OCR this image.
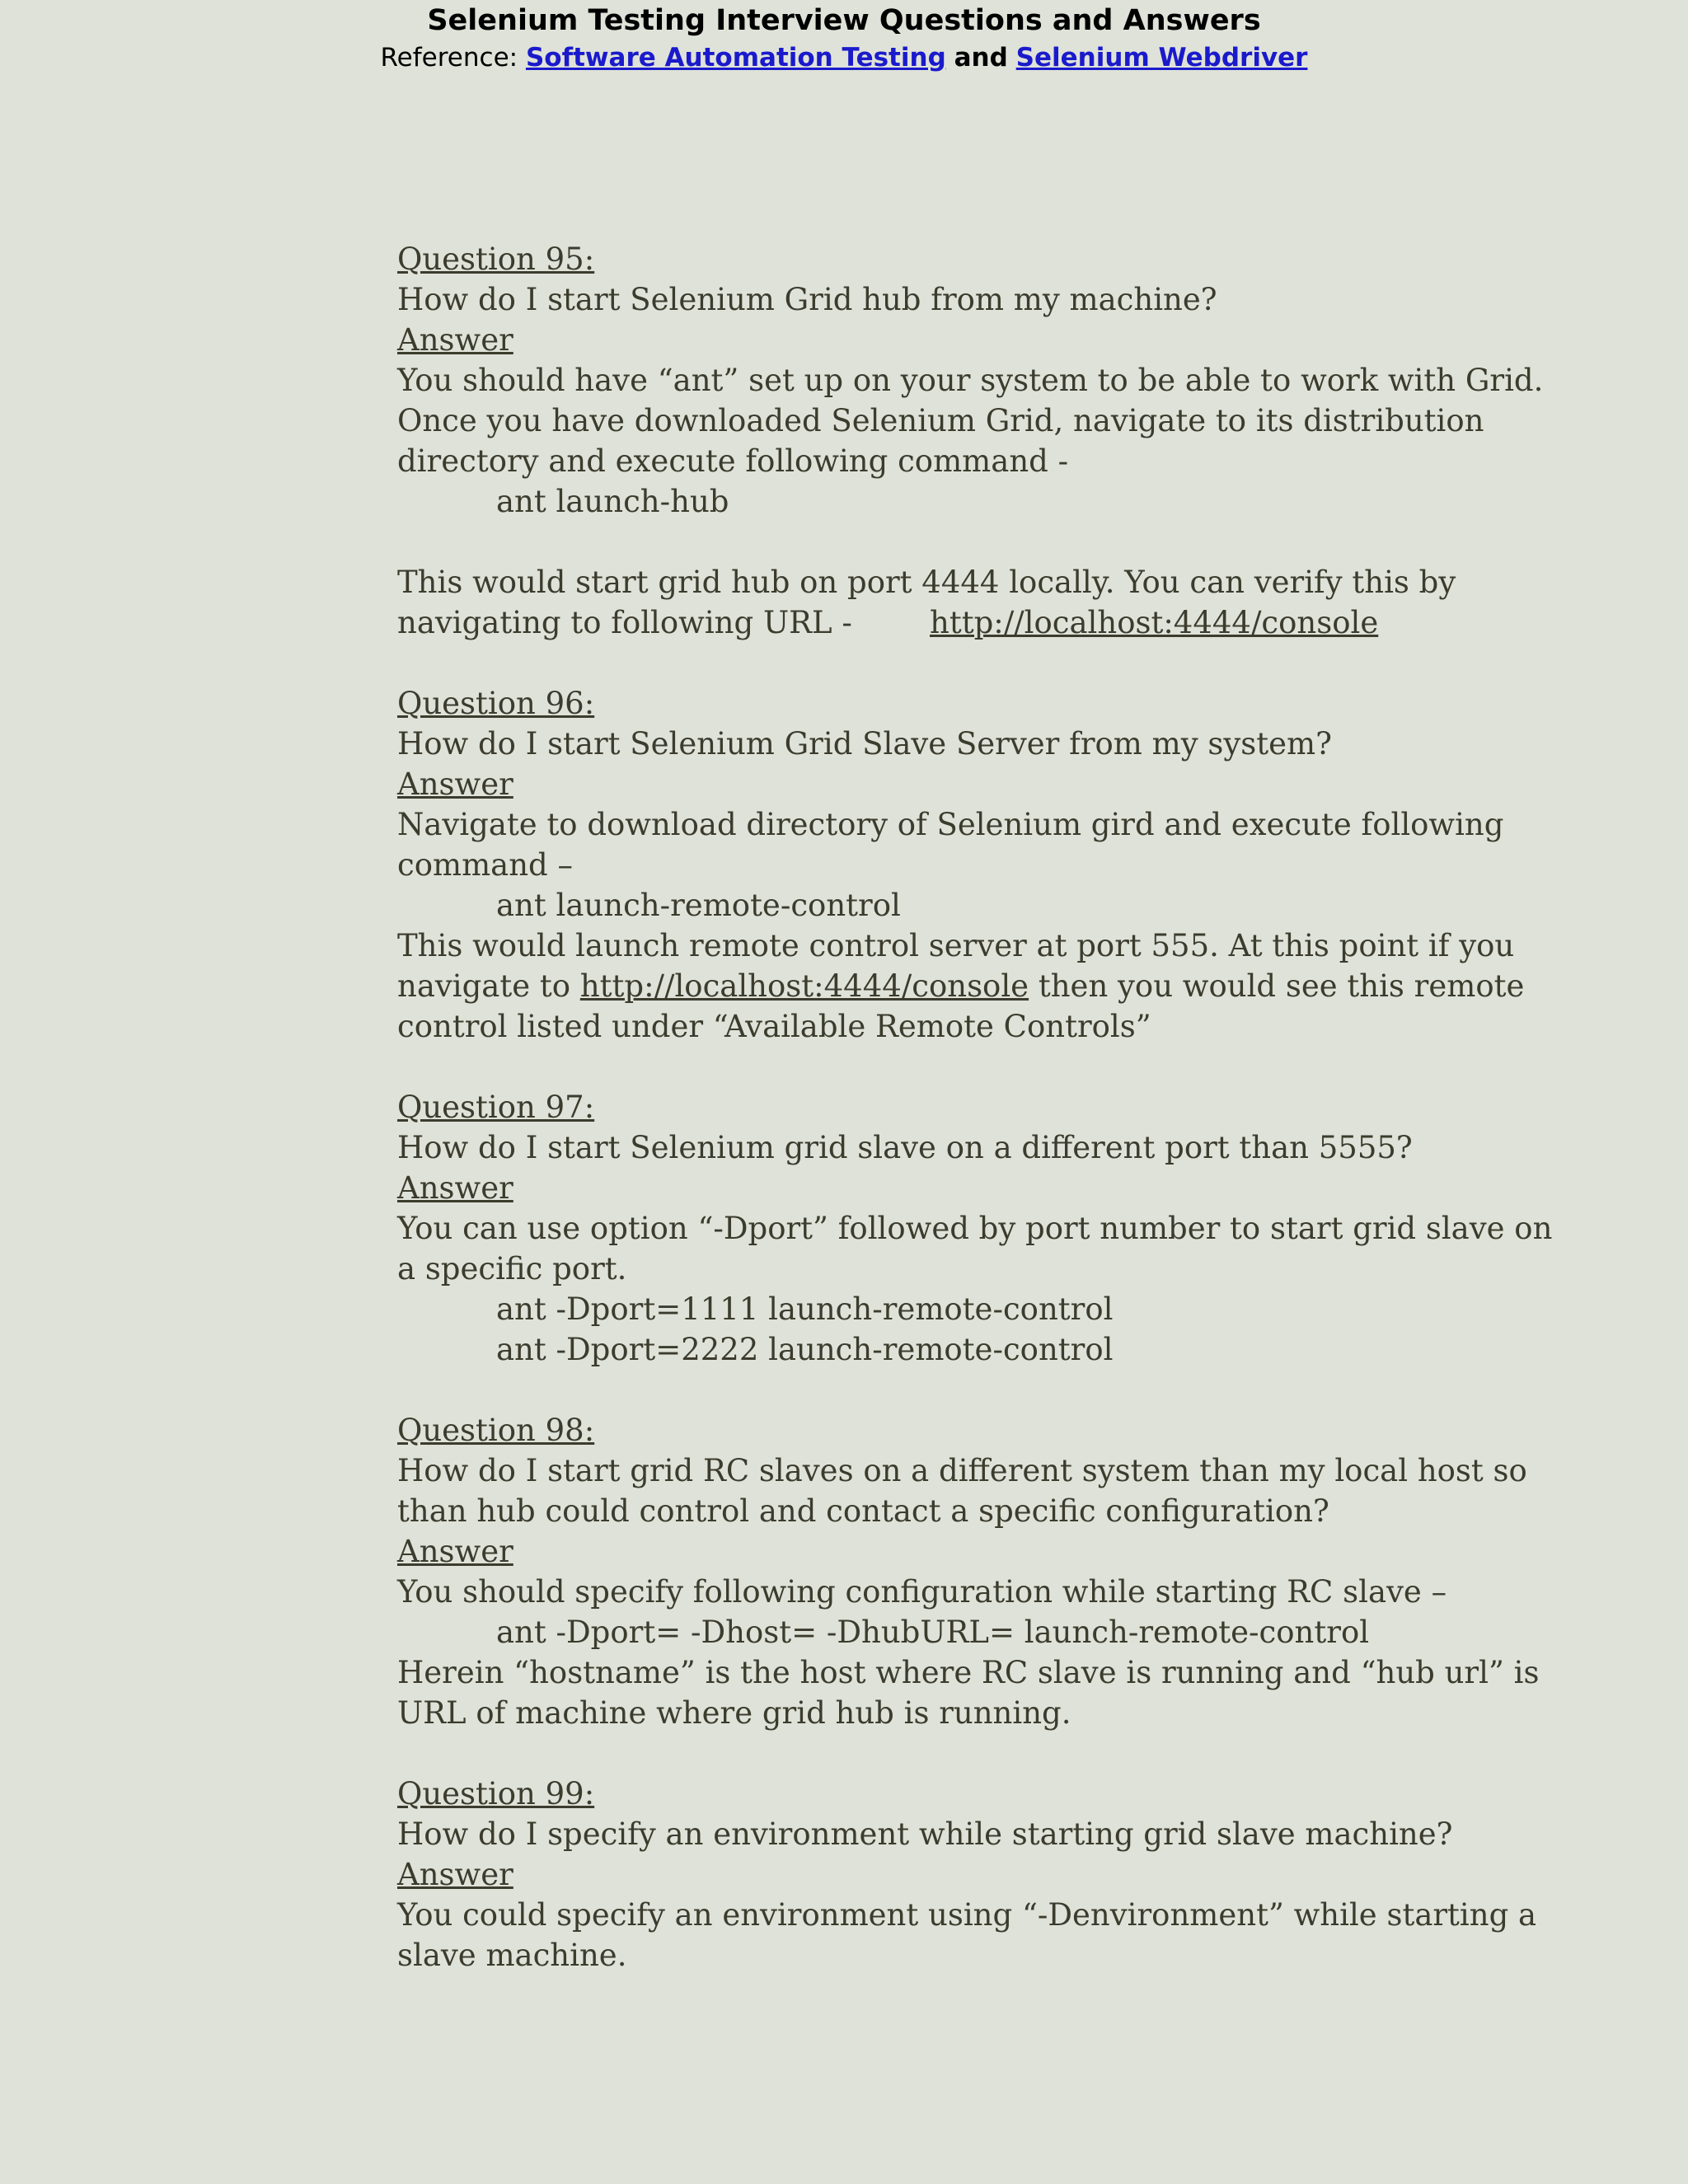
Selenium Testing Interview Questions and Answers
Reference: Software Automation Testing and Selenium Webdriver
Question 95:
How do I start Selenium Grid hub from my machine?
Answer
You should have “ant” set up on your system to be able to work with Grid.
Once you have downloaded Selenium Grid, navigate to its distribution
directory and execute following command -
ant launch-hub
This would start grid hub on port 4444 locally. You can verify this by
navigating to following URL -	http://localhost:4444/console
Question 96:
How do I start Selenium Grid Slave Server from my system?
Answer
Navigate to download directory of Selenium gird and execute following
command –
ant launch-remote-control
This would launch remote control server at port 555. At this point if you
navigate to http://localhost:4444/console then you would see this remote
control listed under “Available Remote Controls”
Question 97:
How do I start Selenium grid slave on a different port than 5555?
Answer
You can use option “-Dport” followed by port number to start grid slave on
a specific port.
ant -Dport=1111 launch-remote-control
ant -Dport=2222 launch-remote-control
Question 98:
How do I start grid RC slaves on a different system than my local host so
than hub could control and contact a specific configuration?
Answer
You should specify following configuration while starting RC slave –
ant -Dport= -Dhost= -DhubURL= launch-remote-control
Herein “hostname” is the host where RC slave is running and “hub url” is
URL of machine where grid hub is running.
Question 99:
How do I specify an environment while starting grid slave machine?
Answer
You could specify an environment using “-Denvironment” while starting a
slave machine.
